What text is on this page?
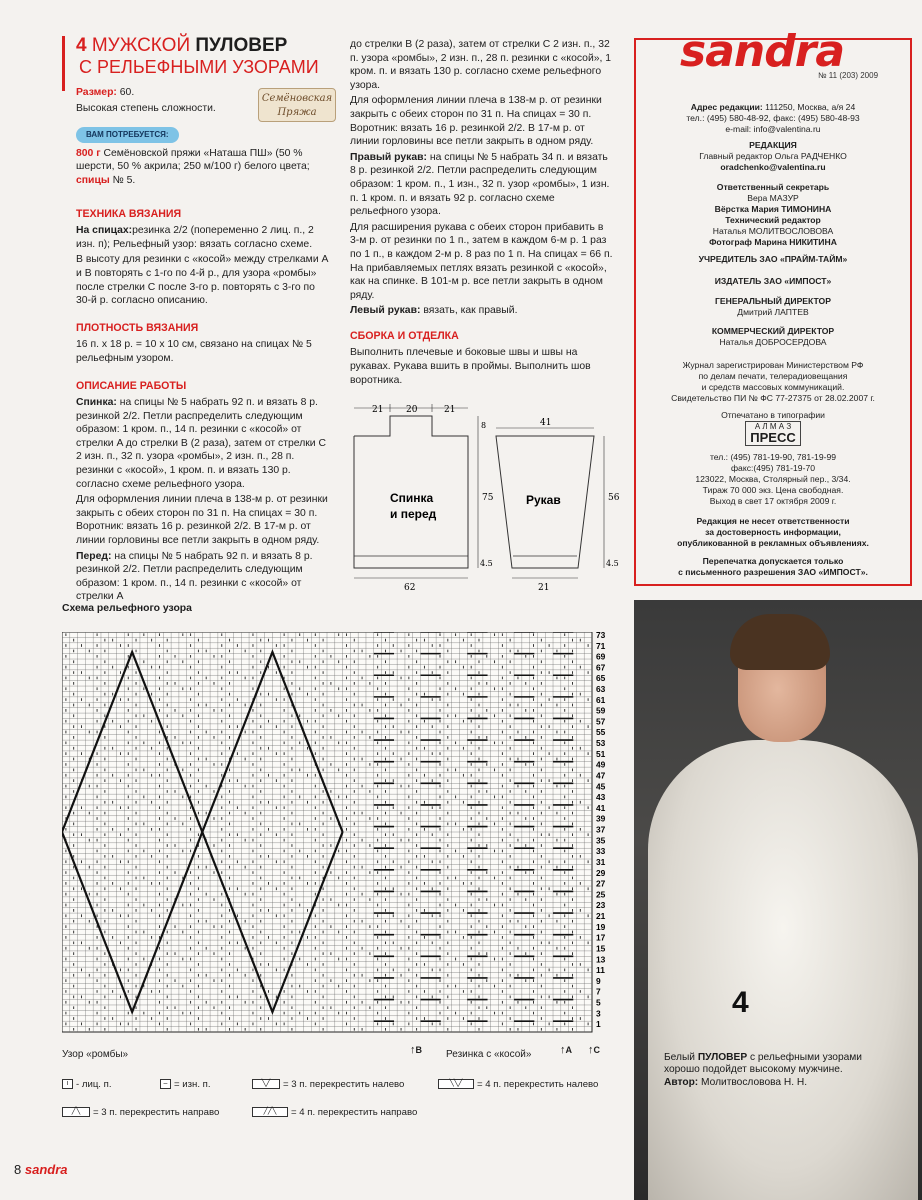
4 МУЖСКОЙ ПУЛОВЕР
С РЕЛЬЕФНЫМИ УЗОРАМИ

Размер: 60.

Высокая степень сложности.

ВАМ ПОТРЕБУЕТСЯ:

800 г Семёновской пряжи «Наташа ПШ» (50 % шерсти, 50 % акрила; 250 м/100 г) белого цвета; спицы № 5.

ТЕХНИКА ВЯЗАНИЯ

На спицах:резинка 2/2 (попеременно 2 лиц. п., 2 изн. п); Рельефный узор: вязать согласно схеме.

В высоту для резинки с «косой» между стрелками A и B повторять с 1-го по 4-й р., для узора «ромбы» после стрелки C после 3-го р. повторять с 3-го по 30-й р. согласно описанию.

ПЛОТНОСТЬ ВЯЗАНИЯ

16 п. х 18 р. = 10 х 10 см, связано на спицах № 5 рельефным узором.

ОПИСАНИЕ РАБОТЫ

Спинка: на спицы № 5 набрать 92 п. и вязать 8 р. резинкой 2/2. Петли распределить следующим образом: 1 кром. п., 14 п. резинки с «косой» от стрелки A до стрелки B (2 раза), затем от стрелки C 2 изн. п., 32 п. узора «ромбы», 2 изн. п., 28 п. резинки с «косой», 1 кром. п. и вязать 130 р. согласно схеме рельефного узора.

Для оформления линии плеча в 138-м р. от резинки закрыть с обеих сторон по 31 п. На спицах = 30 п. Воротник: вязать 16 р. резинкой 2/2. В 17-м р. от линии горловины все петли закрыть в одном ряду.

Перед: на спицы № 5 набрать 92 п. и вязать 8 р. резинкой 2/2. Петли распределить следующим образом: 1 кром. п., 14 п. резинки с «косой» от стрелки A

Семёновская Пряжа

до стрелки B (2 раза), затем от стрелки C 2 изн. п., 32 п. узора «ромбы», 2 изн. п., 28 п. резинки с «косой», 1 кром. п. и вязать 130 р. согласно схеме рельефного узора.

Для оформления линии плеча в 138-м р. от резинки закрыть с обеих сторон по 31 п. На спицах = 30 п. Воротник: вязать 16 р. резинкой 2/2. В 17-м р. от линии горловины все петли закрыть в одном ряду.

Правый рукав: на спицы № 5 набрать 34 п. и вязать 8 р. резинкой 2/2. Петли распределить следующим образом: 1 кром. п., 1 изн., 32 п. узор «ромбы», 1 изн. п. 1 кром. п. и вязать 92 р. согласно схеме рельефного узора.

Для расширения рукава с обеих сторон прибавить в 3-м р. от резинки по 1 п., затем в каждом 6-м р. 1 раз по 1 п., в каждом 2-м р. 8 раз по 1 п. На спицах = 66 п. На прибавляемых петлях вязать резинкой с «косой», как на спинке. В 101-м р. все петли закрыть в одном ряду.

Левый рукав: вязать, как правый.

СБОРКА И ОТДЕЛКА

Выполнить плечевые и боковые швы и швы на рукавах. Рукава вшить в проймы. Выполнить шов воротника.

21	20	21
8
75
4.5
62
41
56
4.5
21
Спинка
и перед
Рукав
Схема рельефного узора
73
71
69
67
65
63
61
59
57
55
53
51
49
47
45
43
41
39
37
35
33
31
29
27
25
23
21
19
17
15
13
11
9
7
5
3
1
Узор «ромбы»	↑B Резинка с «косой»	↑A ↑C
ı - лиц. п.	– = изн. п.	╲╱ = 3 п. перекрестить налево	╲╲╱ = 4 п. перекрестить налево
╱╲ = 3 п. перекрестить направо	╱╱╲ = 4 п. перекрестить направо
sandra
№ 11 (203) 2009
Адрес редакции: 111250, Москва, а/я 24
тел.: (495) 580-48-92, факс: (495) 580-48-93
e-mail: info@valentina.ru
РЕДАКЦИЯ
Главный редактор Ольга РАДЧЕНКО
oradchenko@valentina.ru
Ответственный секретарь
Вера МАЗУР
Вёрстка Мария ТИМОНИНА
Технический редактор
Наталья МОЛИТВОСЛОВОВА
Фотограф Марина НИКИТИНА
УЧРЕДИТЕЛЬ ЗАО «ПРАЙМ-ТАЙМ»
ИЗДАТЕЛЬ ЗАО «ИМПОСТ»
ГЕНЕРАЛЬНЫЙ ДИРЕКТОР
Дмитрий ЛАПТЕВ
КОММЕРЧЕСКИЙ ДИРЕКТОР
Наталья ДОБРОСЕРДОВА
Журнал зарегистрирован Министерством РФ
по делам печати, телерадиовещания
и средств массовых коммуникаций.
Свидетельство ПИ № ФС 77-27375 от 28.02.2007 г.
Отпечатано в типографии
А Л М А З
ПРЕСС
тел.: (495) 781-19-90, 781-19-99
факс:(495) 781-19-70
123022, Москва, Столярный пер., 3/34.
Тираж 70 000 экз. Цена свободная.
Выход в свет 17 октября 2009 г.
Редакция не несет ответственности
за достоверность информации,
опубликованной в рекламных объявлениях.
Перепечатка допускается только
с письменного разрешения ЗАО «ИМПОСТ».
4
Белый ПУЛОВЕР с рельефными узорами хорошо подойдет высокому мужчине.
Автор: Молитвословова Н. Н.
8 sandra
